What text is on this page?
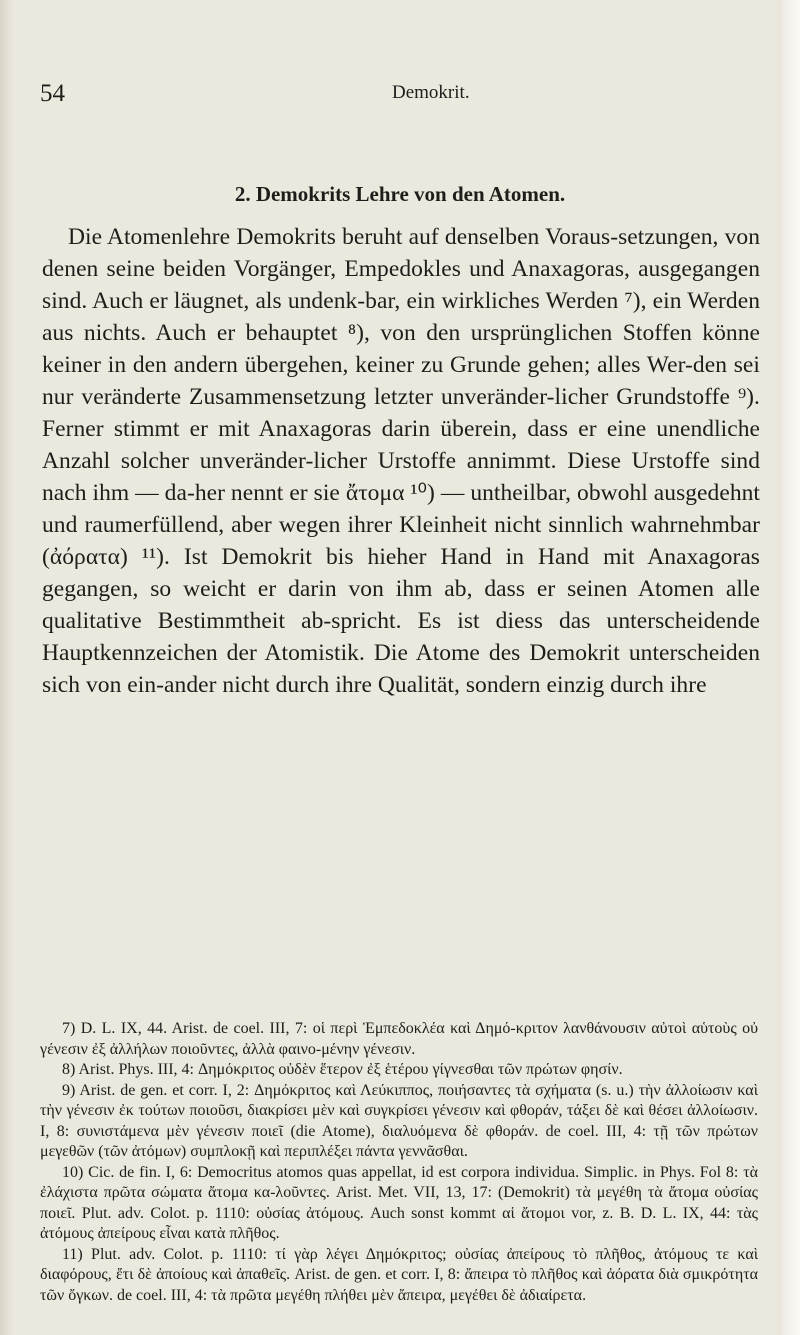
54	Demokrit.
2. Demokrits Lehre von den Atomen.

Die Atomenlehre Demokrits beruht auf denselben Voraus-setzungen, von denen seine beiden Vorgänger, Empedokles und Anaxagoras, ausgegangen sind. Auch er läugnet, als undenk-bar, ein wirkliches Werden ⁷), ein Werden aus nichts. Auch er behauptet ⁸), von den ursprünglichen Stoffen könne keiner in den andern übergehen, keiner zu Grunde gehen; alles Wer-den sei nur veränderte Zusammensetzung letzter unveränder-licher Grundstoffe ⁹). Ferner stimmt er mit Anaxagoras darin überein, dass er eine unendliche Anzahl solcher unveränder-licher Urstoffe annimmt. Diese Urstoffe sind nach ihm — da-her nennt er sie ἄτομα ¹⁰) — untheilbar, obwohl ausgedehnt und raumerfüllend, aber wegen ihrer Kleinheit nicht sinnlich wahrnehmbar (ἀόρατα) ¹¹). Ist Demokrit bis hieher Hand in Hand mit Anaxagoras gegangen, so weicht er darin von ihm ab, dass er seinen Atomen alle qualitative Bestimmtheit ab-spricht. Es ist diess das unterscheidende Hauptkennzeichen der Atomistik. Die Atome des Demokrit unterscheiden sich von ein-ander nicht durch ihre Qualität, sondern einzig durch ihre

7) D. L. IX, 44. Arist. de coel. III, 7: οἱ περὶ Ἐμπεδοκλέα καὶ Δημό-κριτον λανθάνουσιν αὐτοὶ αὑτοὺς οὐ γένεσιν ἐξ ἀλλήλων ποιοῦντες, ἀλλὰ φαινο-μένην γένεσιν.

8) Arist. Phys. III, 4: Δημόκριτος οὐδὲν ἕτερον ἐξ ἑτέρου γίγνεσθαι τῶν πρώτων φησίν.

9) Arist. de gen. et corr. I, 2: Δημόκριτος καὶ Λεύκιππος, ποιήσαντες τὰ σχήματα (s. u.) τὴν ἀλλοίωσιν καὶ τὴν γένεσιν ἐκ τούτων ποιοῦσι, διακρίσει μὲν καὶ συγκρίσει γένεσιν καὶ φθοράν, τάξει δὲ καὶ θέσει ἀλλοίωσιν. I, 8: συνιστάμενα μὲν γένεσιν ποιεῖ (die Atome), διαλυόμενα δὲ φθοράν. de coel. III, 4: τῇ τῶν πρώτων μεγεθῶν (τῶν ἀτόμων) συμπλοκῇ καὶ περιπλέξει πάντα γεννᾶσθαι.

10) Cic. de fin. I, 6: Democritus atomos quas appellat, id est corpora individua. Simplic. in Phys. Fol 8: τὰ ἐλάχιστα πρῶτα σώματα ἄτομα κα-λοῦντες. Arist. Met. VII, 13, 17: (Demokrit) τὰ μεγέθη τὰ ἄτομα οὐσίας ποιεῖ. Plut. adv. Colot. p. 1110: οὐσίας ἀτόμους. Auch sonst kommt αἱ ἄτομοι vor, z. B. D. L. IX, 44: τὰς ἀτόμους ἀπείρους εἶναι κατὰ πλῆθος.

11) Plut. adv. Colot. p. 1110: τί γὰρ λέγει Δημόκριτος; οὐσίας ἀπείρους τὸ πλῆθος, ἀτόμους τε καὶ διαφόρους, ἔτι δὲ ἀποίους καὶ ἀπαθεῖς. Arist. de gen. et corr. I, 8: ἄπειρα τὸ πλῆθος καὶ ἀόρατα διὰ σμικρότητα τῶν ὄγκων. de coel. III, 4: τὰ πρῶτα μεγέθη πλήθει μὲν ἄπειρα, μεγέθει δὲ ἀδιαίρετα.
